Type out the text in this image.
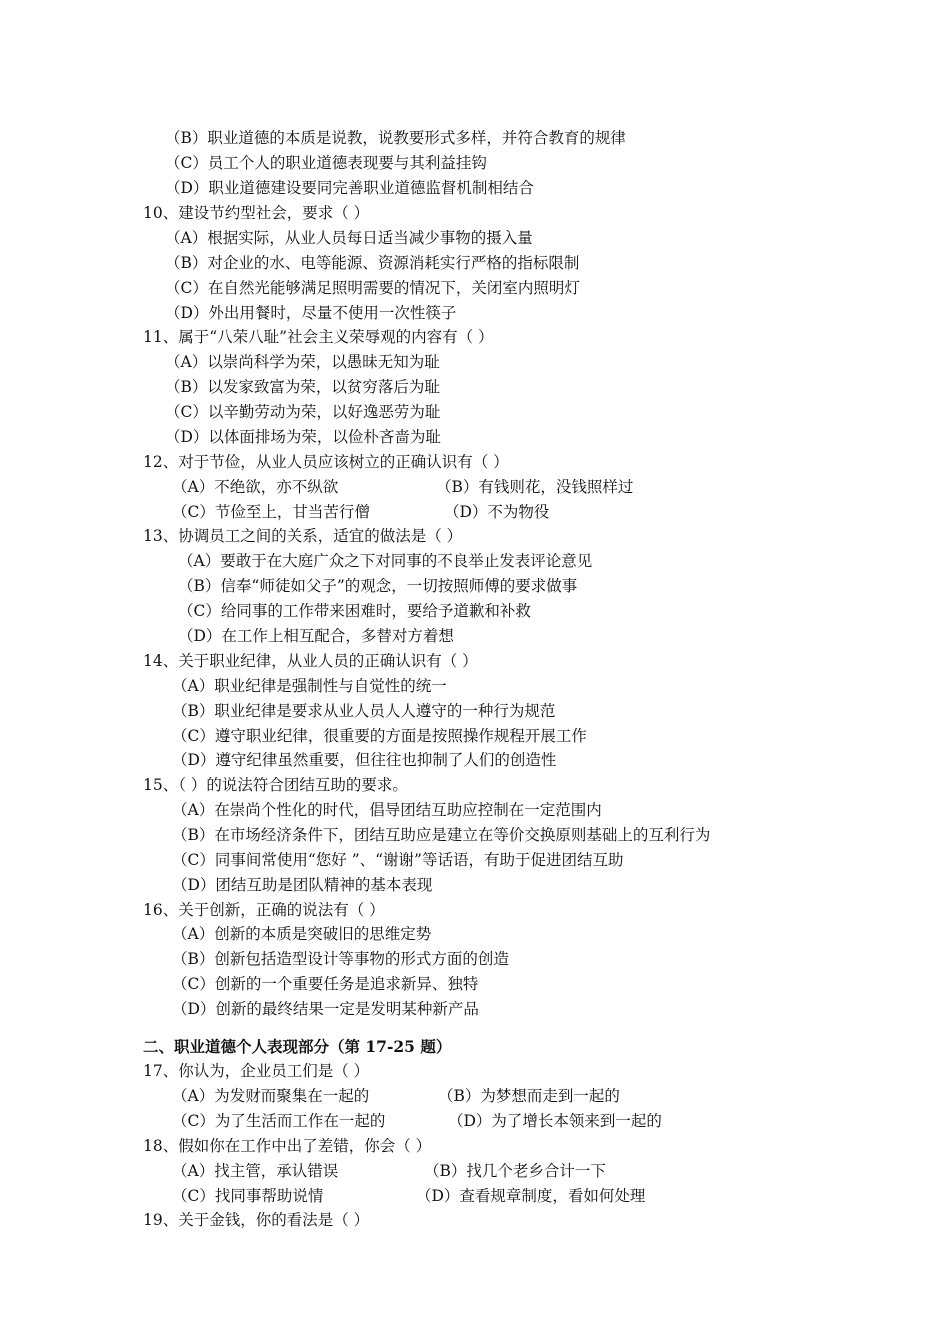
（B）职业道德的本质是说教，说教要形式多样，并符合教育的规律
（C）员工个人的职业道德表现要与其利益挂钩
（D）职业道德建设要同完善职业道德监督机制相结合
10、建设节约型社会，要求（ ）
（A）根据实际，从业人员每日适当减少事物的摄入量
（B）对企业的水、电等能源、资源消耗实行严格的指标限制
（C）在自然光能够满足照明需要的情况下，关闭室内照明灯
（D）外出用餐时，尽量不使用一次性筷子
11、属于“八荣八耻”社会主义荣辱观的内容有（ ）
（A）以崇尚科学为荣，以愚昧无知为耻
（B）以发家致富为荣，以贫穷落后为耻
（C）以辛勤劳动为荣，以好逸恶劳为耻
（D）以体面排场为荣，以俭朴吝啬为耻
12、对于节俭，从业人员应该树立的正确认识有（ ）
（A）不绝欲，亦不纵欲	（B）有钱则花，没钱照样过
（C）节俭至上，甘当苦行僧	（D）不为物役
13、协调员工之间的关系，适宜的做法是（ ）
（A）要敢于在大庭广众之下对同事的不良举止发表评论意见
（B）信奉“师徒如父子”的观念，一切按照师傅的要求做事
（C）给同事的工作带来困难时，要给予道歉和补救
（D）在工作上相互配合，多替对方着想
14、关于职业纪律，从业人员的正确认识有（ ）
（A）职业纪律是强制性与自觉性的统一
（B）职业纪律是要求从业人员人人遵守的一种行为规范
（C）遵守职业纪律，很重要的方面是按照操作规程开展工作
（D）遵守纪律虽然重要，但往往也抑制了人们的创造性
15、（ ）的说法符合团结互助的要求。
（A）在崇尚个性化的时代，倡导团结互助应控制在一定范围内
（B）在市场经济条件下，团结互助应是建立在等价交换原则基础上的互利行为
（C）同事间常使用“您好 ”、“谢谢”等话语，有助于促进团结互助
（D）团结互助是团队精神的基本表现
16、关于创新，正确的说法有（ ）
（A）创新的本质是突破旧的思维定势
（B）创新包括造型设计等事物的形式方面的创造
（C）创新的一个重要任务是追求新异、独特
（D）创新的最终结果一定是发明某种新产品
二、职业道德个人表现部分（第 17-25 题）
17、你认为，企业员工们是（ ）
（A）为发财而聚集在一起的	（B）为梦想而走到一起的
（C）为了生活而工作在一起的	（D）为了增长本领来到一起的
18、假如你在工作中出了差错，你会（ ）
（A）找主管，承认错误	（B）找几个老乡合计一下
（C）找同事帮助说情	（D）查看规章制度，看如何处理
19、关于金钱，你的看法是（ ）
